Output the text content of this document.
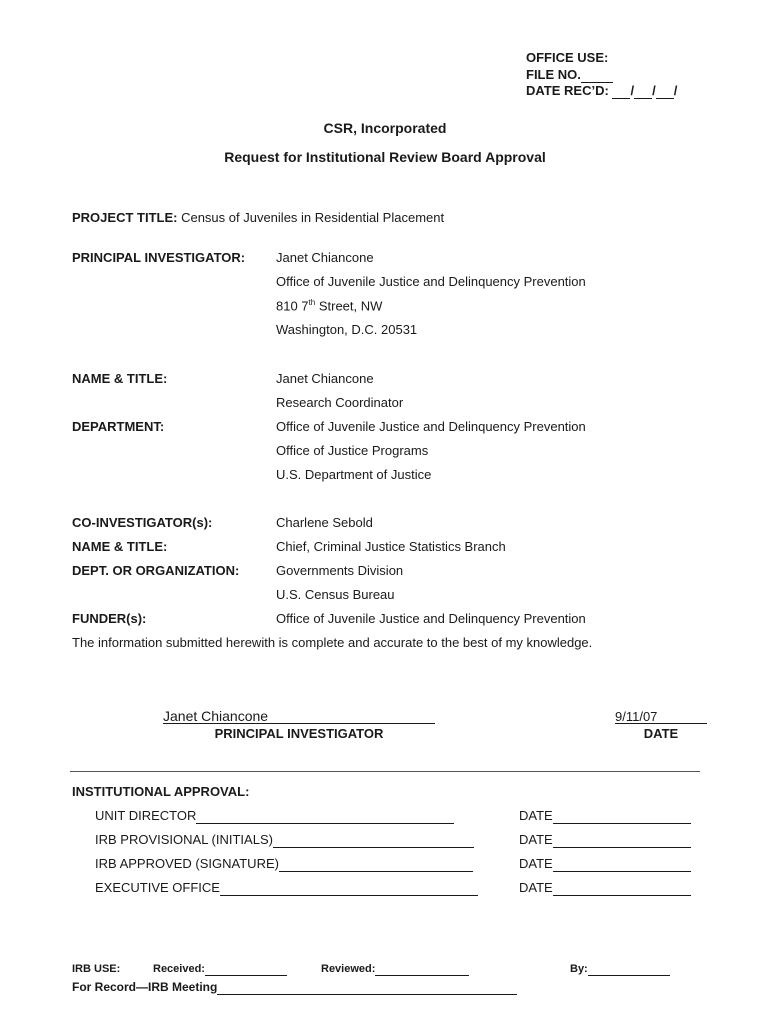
OFFICE USE:
FILE NO.
DATE REC’D: / / /
CSR, Incorporated
Request for Institutional Review Board Approval
PROJECT TITLE: Census of Juveniles in Residential Placement
PRINCIPAL INVESTIGATOR: Janet Chiancone
Office of Juvenile Justice and Delinquency Prevention
810 7th Street, NW
Washington, D.C. 20531
NAME & TITLE:	Janet Chiancone
Research Coordinator
DEPARTMENT:	Office of Juvenile Justice and Delinquency Prevention
Office of Justice Programs
U.S. Department of Justice
CO-INVESTIGATOR(s):	Charlene Sebold
NAME & TITLE:	Chief, Criminal Justice Statistics Branch
DEPT. OR ORGANIZATION:	Governments Division
U.S. Census Bureau
FUNDER(s):	Office of Juvenile Justice and Delinquency Prevention
The information submitted herewith is complete and accurate to the best of my knowledge.
Janet Chiancone
PRINCIPAL INVESTIGATOR
9/11/07
DATE
INSTITUTIONAL APPROVAL:
UNIT DIRECTOR	DATE
IRB PROVISIONAL (INITIALS)	DATE
IRB APPROVED (SIGNATURE)	DATE
EXECUTIVE OFFICE	DATE
IRB USE:	Received:	Reviewed:	By:
For Record—IRB Meeting
